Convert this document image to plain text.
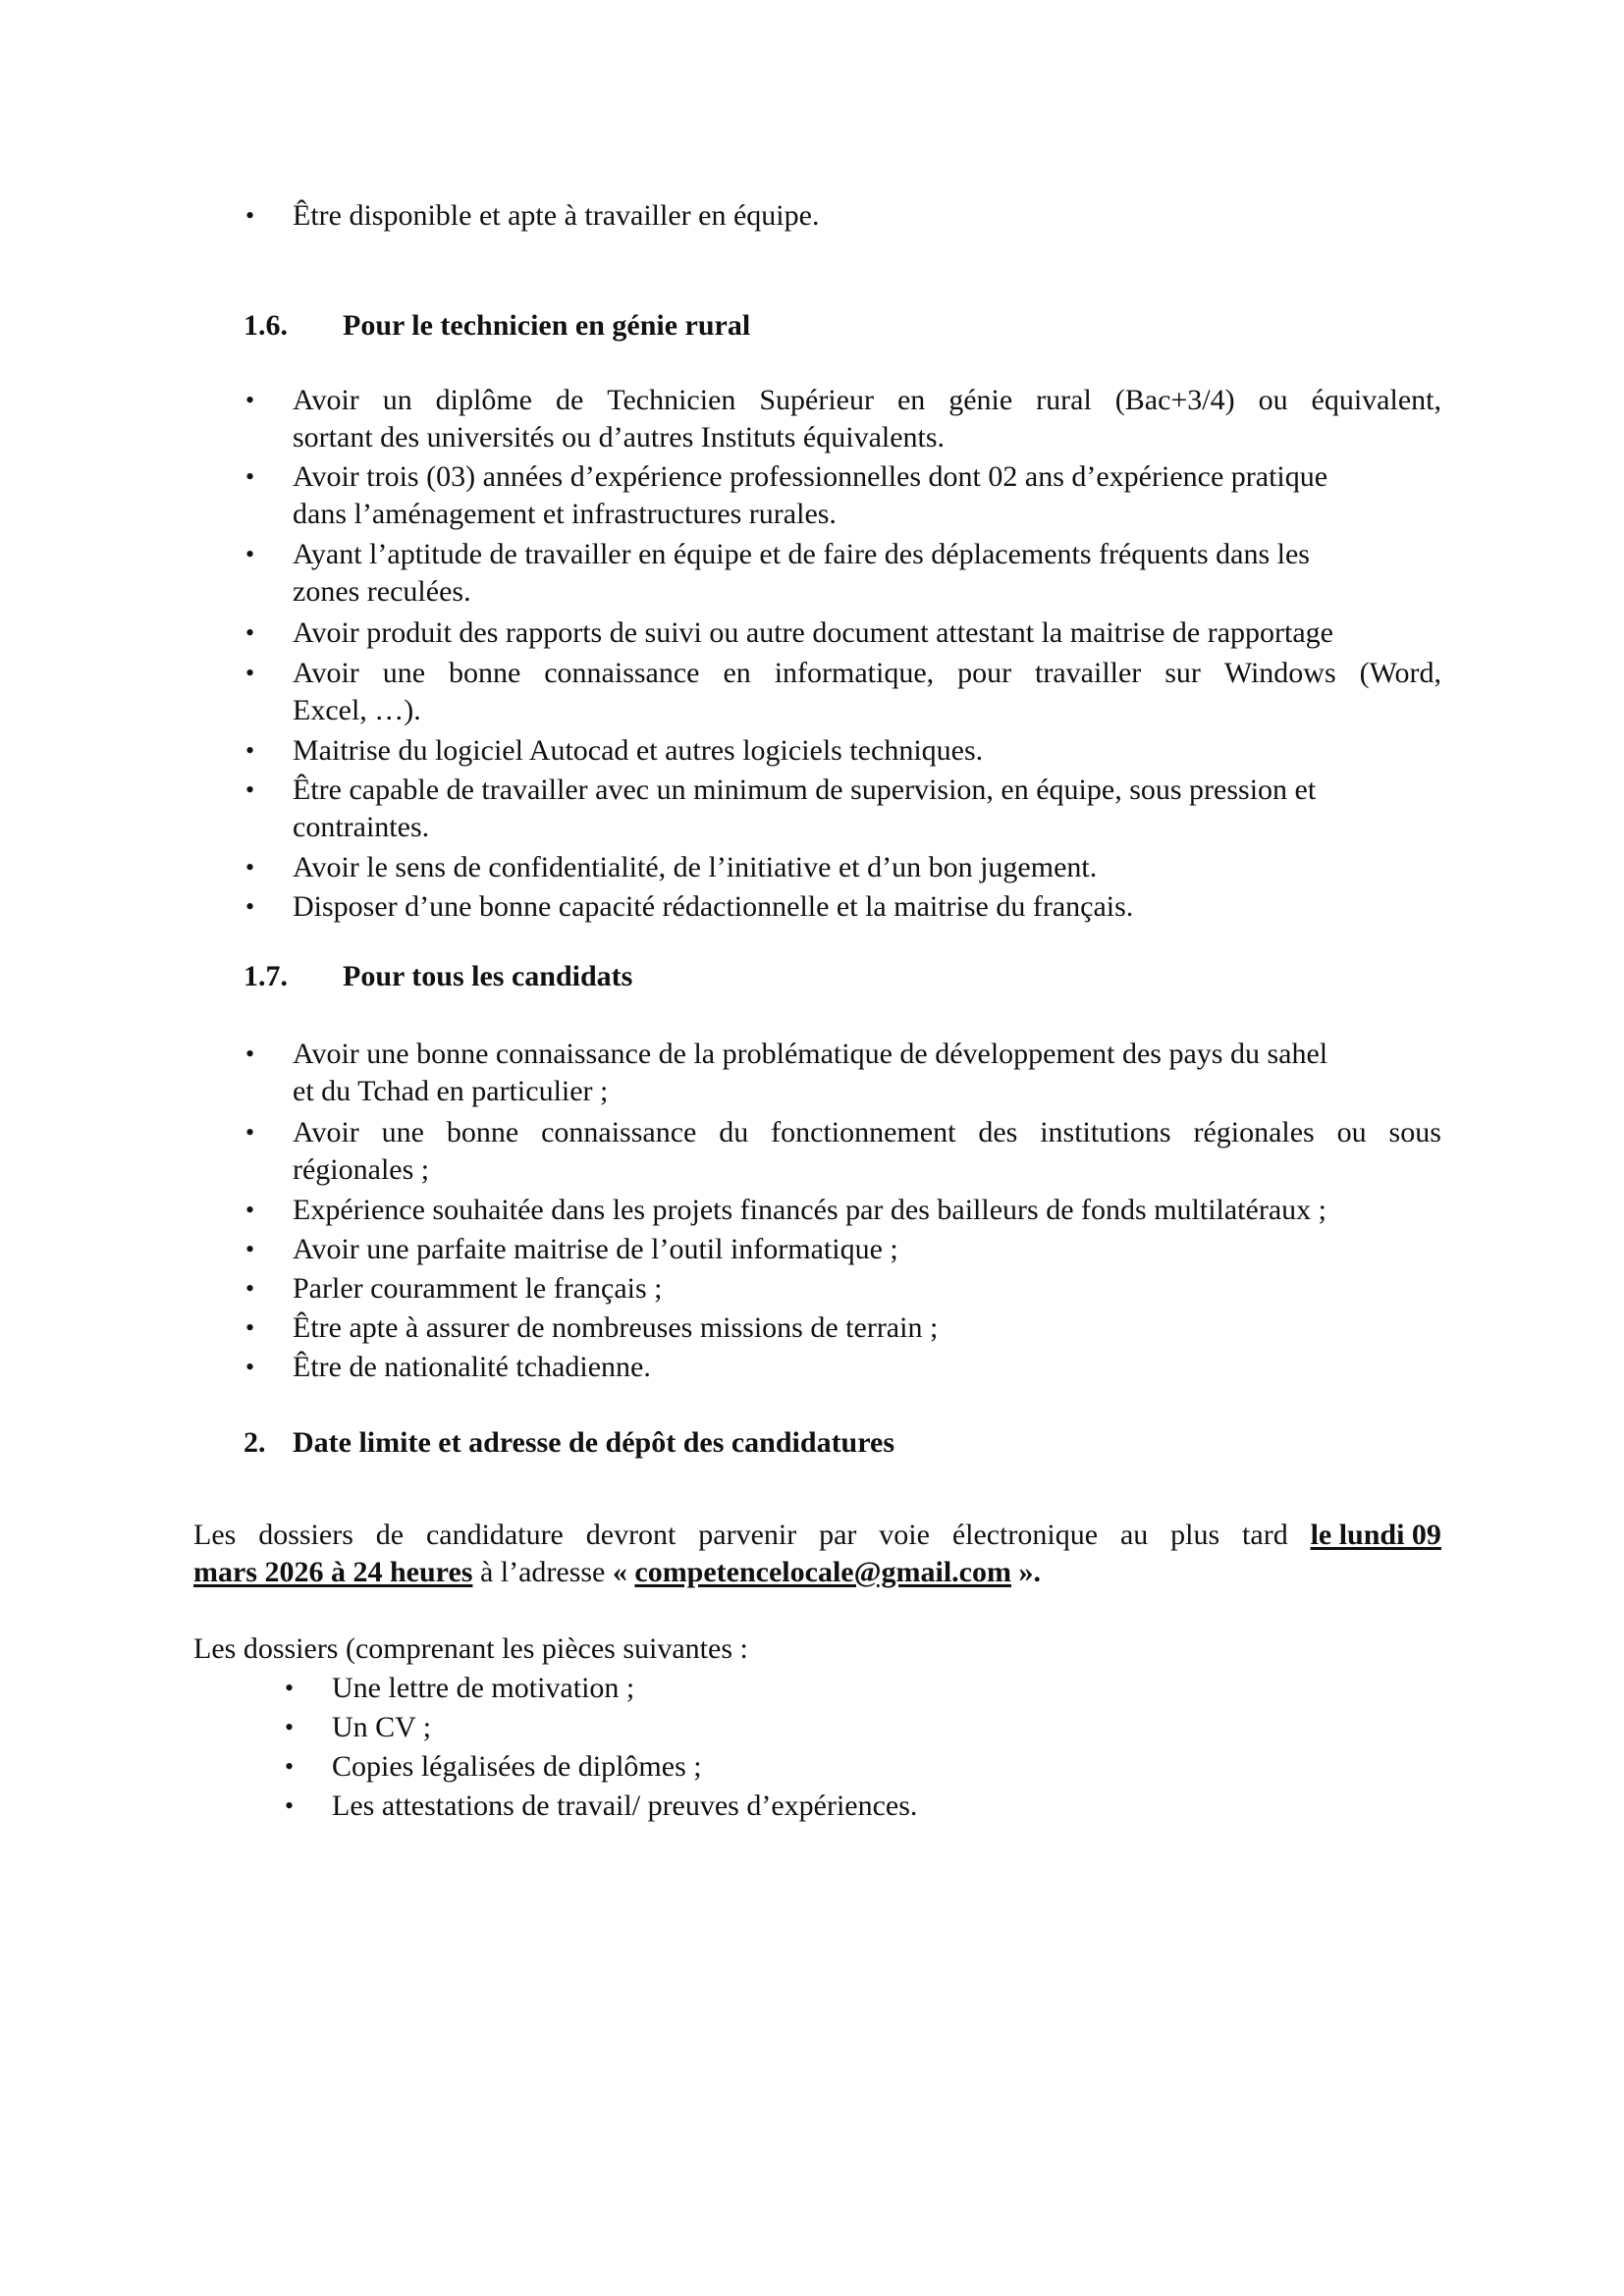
• Être disponible et apte à travailler en équipe.
1.6. Pour le technicien en génie rural
• Avoir un diplôme de Technicien Supérieur en génie rural (Bac+3/4) ou équivalent,
sortant des universités ou d’autres Instituts équivalents.
• Avoir trois (03) années d’expérience professionnelles dont 02 ans d’expérience pratique
dans l’aménagement et infrastructures rurales.
• Ayant l’aptitude de travailler en équipe et de faire des déplacements fréquents dans les
zones reculées.
• Avoir produit des rapports de suivi ou autre document attestant la maitrise de rapportage
• Avoir une bonne connaissance en informatique, pour travailler sur Windows (Word,
Excel, …).
• Maitrise du logiciel Autocad et autres logiciels techniques.
• Être capable de travailler avec un minimum de supervision, en équipe, sous pression et
contraintes.
• Avoir le sens de confidentialité, de l’initiative et d’un bon jugement.
• Disposer d’une bonne capacité rédactionnelle et la maitrise du français.
1.7. Pour tous les candidats
• Avoir une bonne connaissance de la problématique de développement des pays du sahel
et du Tchad en particulier ;
• Avoir une bonne connaissance du fonctionnement des institutions régionales ou sous
régionales ;
• Expérience souhaitée dans les projets financés par des bailleurs de fonds multilatéraux ;
• Avoir une parfaite maitrise de l’outil informatique ;
• Parler couramment le français ;
• Être apte à assurer de nombreuses missions de terrain ;
• Être de nationalité tchadienne.
2. Date limite et adresse de dépôt des candidatures
Les dossiers de candidature devront parvenir par voie électronique au plus tard le lundi 09
mars 2026 à 24 heures à l’adresse « competencelocale@gmail.com ».
Les dossiers (comprenant les pièces suivantes :
• Une lettre de motivation ;
• Un CV ;
• Copies légalisées de diplômes ;
• Les attestations de travail/ preuves d’expériences.
